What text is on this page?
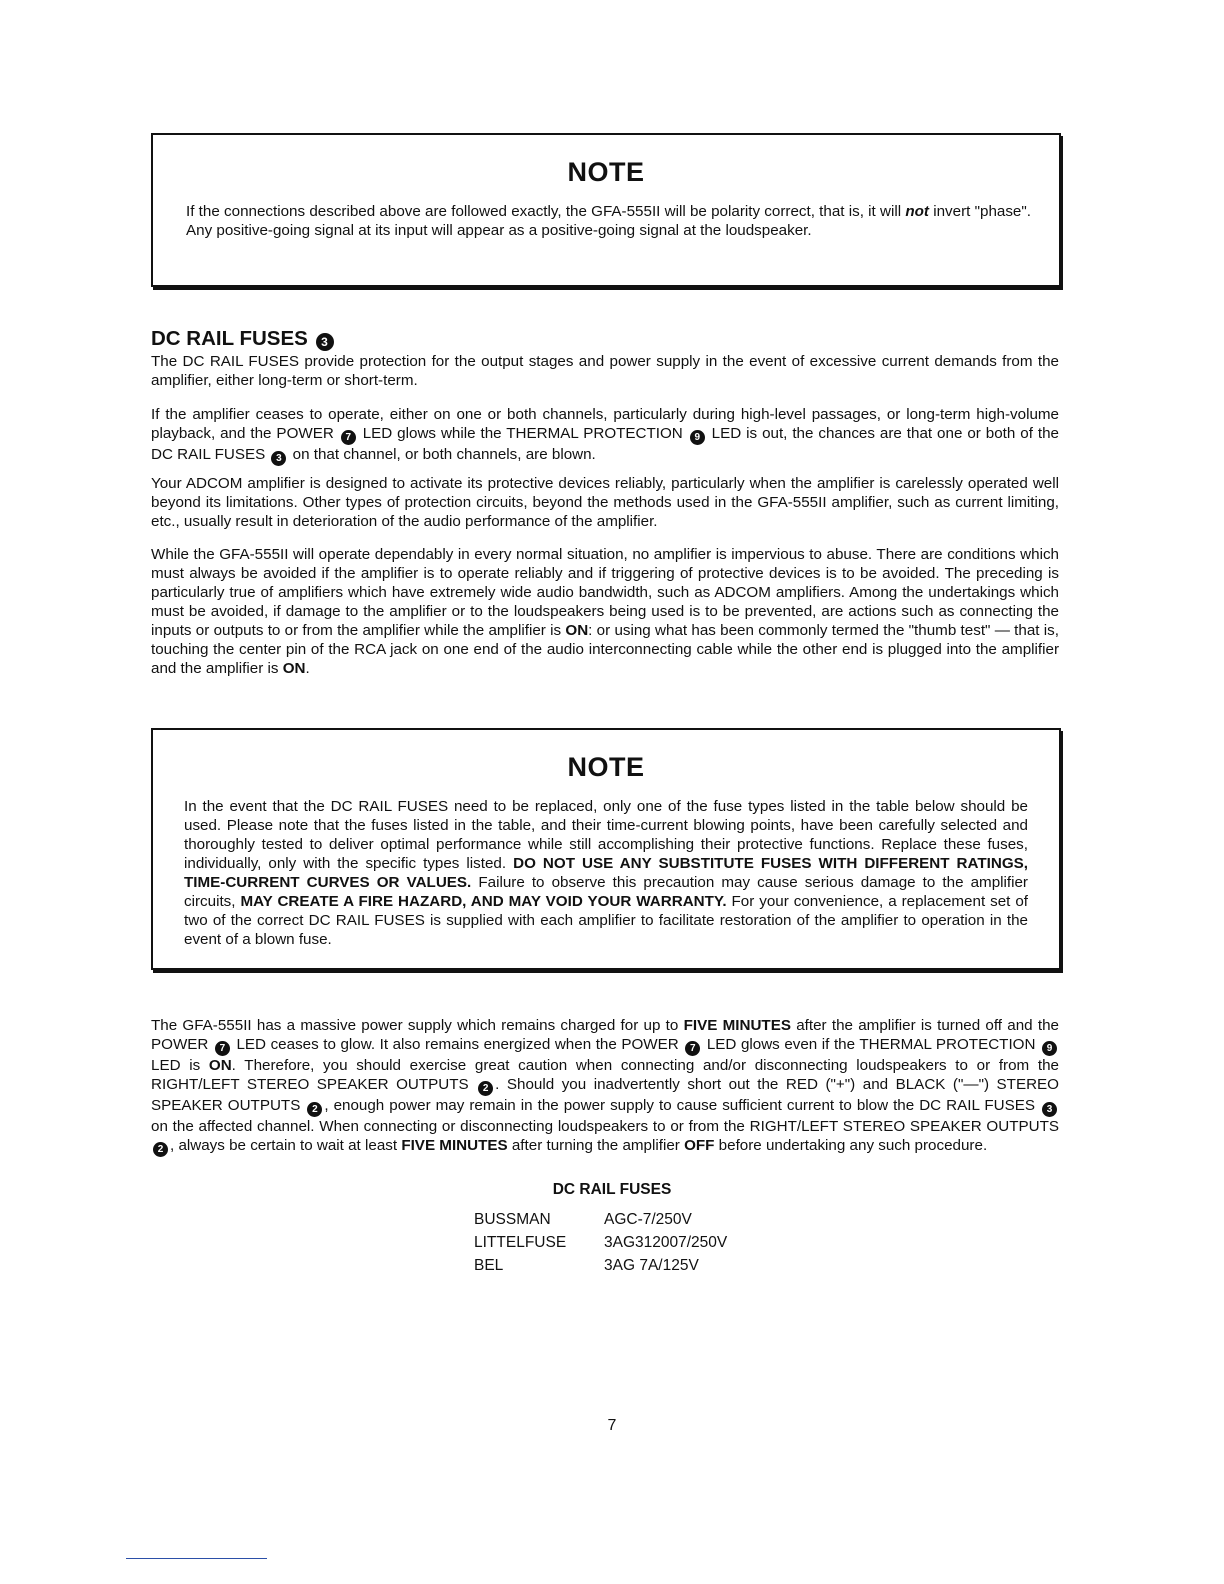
NOTE

If the connections described above are followed exactly, the GFA-555II will be polarity correct, that is, it will not invert "phase". Any positive-going signal at its input will appear as a positive-going signal at the loudspeaker.

DC RAIL FUSES 3

The DC RAIL FUSES provide protection for the output stages and power supply in the event of excessive current demands from the amplifier, either long-term or short-term.

If the amplifier ceases to operate, either on one or both channels, particularly during high-level passages, or long-term high-volume playback, and the POWER 7 LED glows while the THERMAL PROTECTION 9 LED is out, the chances are that one or both of the DC RAIL FUSES 3 on that channel, or both channels, are blown.

Your ADCOM amplifier is designed to activate its protective devices reliably, particularly when the amplifier is carelessly operated well beyond its limitations. Other types of protection circuits, beyond the methods used in the GFA-555II amplifier, such as current limiting, etc., usually result in deterioration of the audio performance of the amplifier.

While the GFA-555II will operate dependably in every normal situation, no amplifier is impervious to abuse. There are conditions which must always be avoided if the amplifier is to operate reliably and if triggering of protective devices is to be avoided. The preceding is particularly true of amplifiers which have extremely wide audio bandwidth, such as ADCOM amplifiers. Among the undertakings which must be avoided, if damage to the amplifier or to the loudspeakers being used is to be prevented, are actions such as connecting the inputs or outputs to or from the amplifier while the amplifier is ON: or using what has been commonly termed the "thumb test" — that is, touching the center pin of the RCA jack on one end of the audio interconnecting cable while the other end is plugged into the amplifier and the amplifier is ON.

NOTE

In the event that the DC RAIL FUSES need to be replaced, only one of the fuse types listed in the table below should be used. Please note that the fuses listed in the table, and their time-current blowing points, have been carefully selected and thoroughly tested to deliver optimal performance while still accomplishing their protective functions. Replace these fuses, individually, only with the specific types listed. DO NOT USE ANY SUBSTITUTE FUSES WITH DIFFERENT RATINGS, TIME-CURRENT CURVES OR VALUES. Failure to observe this precaution may cause serious damage to the amplifier circuits, MAY CREATE A FIRE HAZARD, AND MAY VOID YOUR WARRANTY. For your convenience, a replacement set of two of the correct DC RAIL FUSES is supplied with each amplifier to facilitate restoration of the amplifier to operation in the event of a blown fuse.

The GFA-555II has a massive power supply which remains charged for up to FIVE MINUTES after the amplifier is turned off and the POWER 7 LED ceases to glow. It also remains energized when the POWER 7 LED glows even if the THERMAL PROTECTION 9 LED is ON. Therefore, you should exercise great caution when connecting and/or disconnecting loudspeakers to or from the RIGHT/LEFT STEREO SPEAKER OUTPUTS 2 . Should you inadvertently short out the RED ("+") and BLACK ("—") STEREO SPEAKER OUTPUTS 2 , enough power may remain in the power supply to cause sufficient current to blow the DC RAIL FUSES 3 on the affected channel. When connecting or disconnecting loudspeakers to or from the RIGHT/LEFT STEREO SPEAKER OUTPUTS 2 , always be certain to wait at least FIVE MINUTES after turning the amplifier OFF before undertaking any such procedure.

DC RAIL FUSES
BUSSMAN	AGC-7/250V
LITTELFUSE	3AG312007/250V
BEL	3AG 7A/125V

7
